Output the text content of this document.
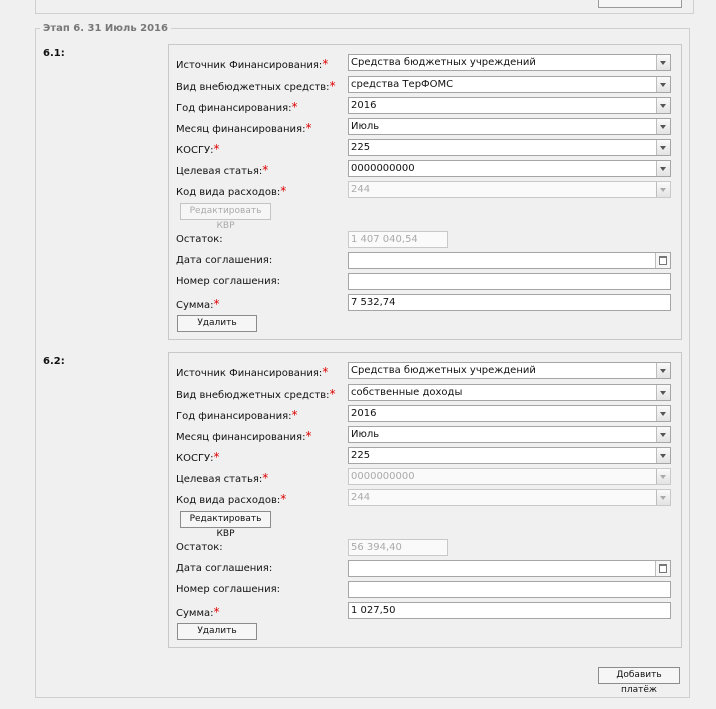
Этап 6. 31 Июль 2016
6.1:
Источник Финансирования:* Средства бюджетных учреждений
Вид внебюджетных средств:* средства ТерФОМС
Год финансирования:*	2016
Месяц финансирования:*	Июль
КОСГУ:*	225
Целевая статья:*	0000000000
Код вида расходов:*	244
Редактировать КВР
Остаток:	1 407 040,54
Дата соглашения:
Номер соглашения:
Сумма:*	7 532,74
Удалить
6.2:
Источник Финансирования:* Средства бюджетных учреждений
Вид внебюджетных средств:* собственные доходы
Год финансирования:*	2016
Месяц финансирования:*	Июль
КОСГУ:*	225
Целевая статья:*	0000000000
Код вида расходов:*	244
Редактировать КВР
Остаток:	56 394,40
Дата соглашения:
Номер соглашения:
Сумма:*	1 027,50
Удалить
Добавить платёж
